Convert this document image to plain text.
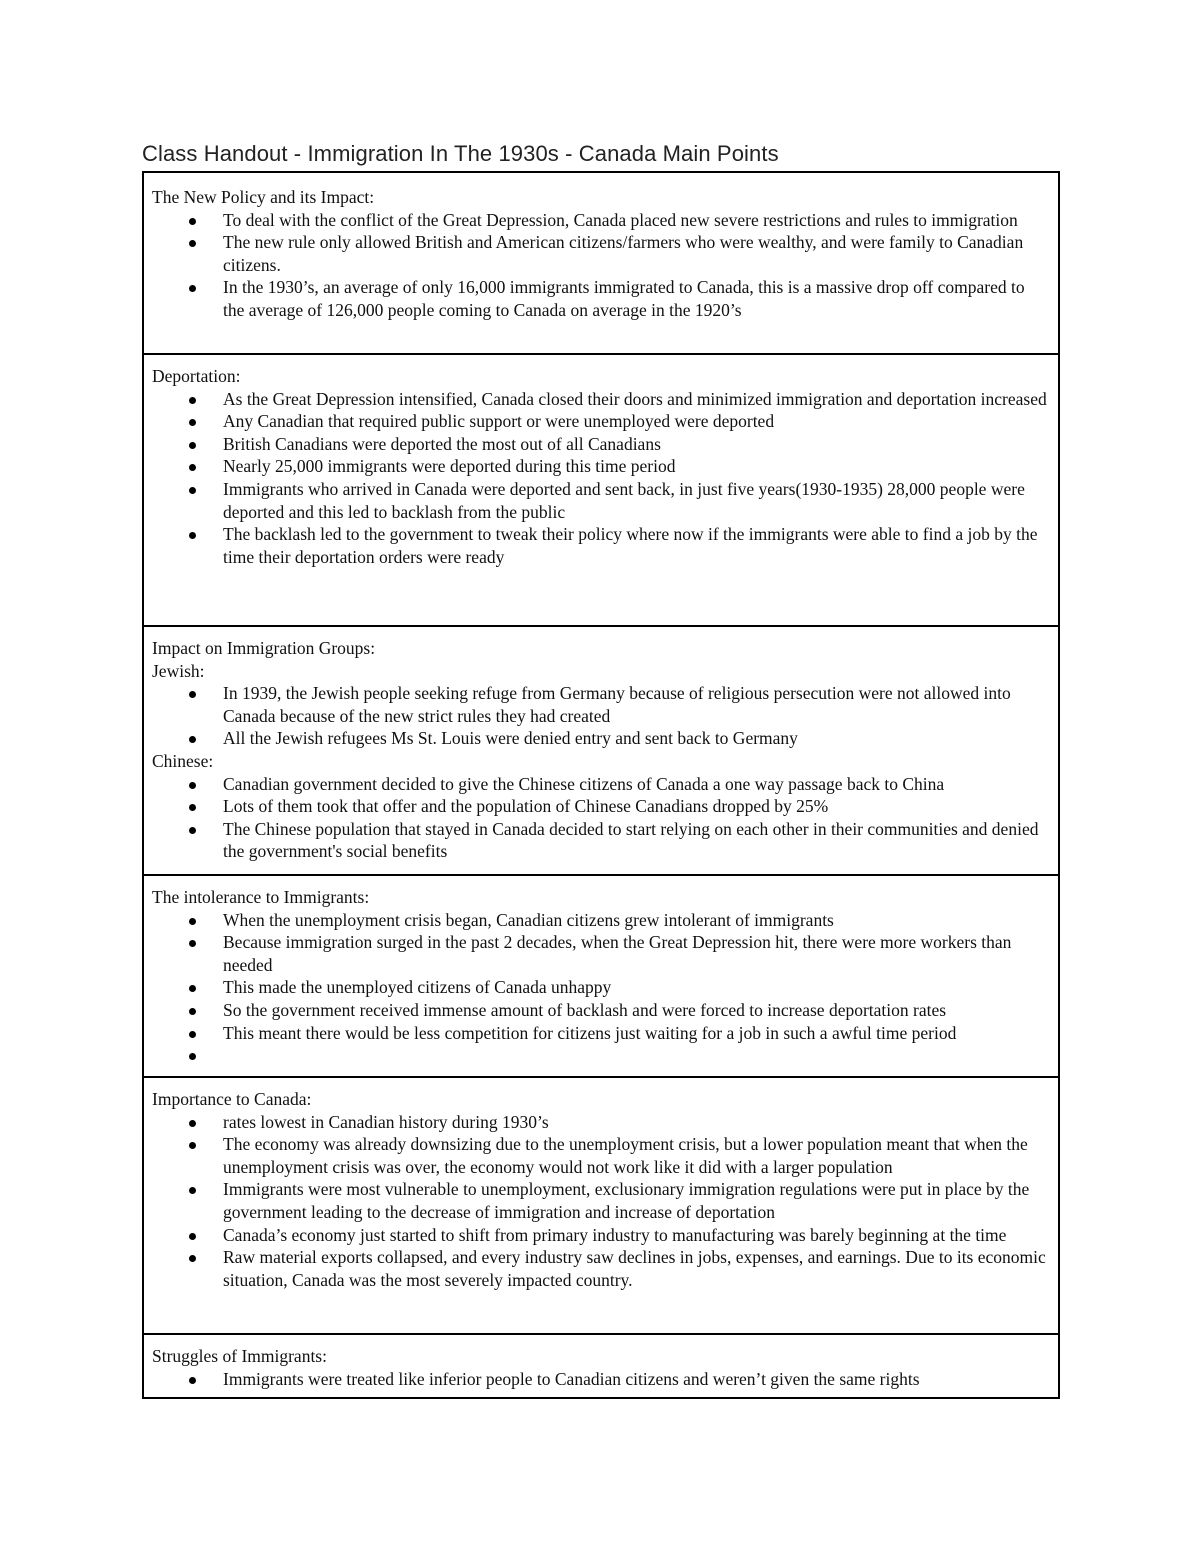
Class Handout - Immigration In The 1930s - Canada Main Points

The New Policy and its Impact:

To deal with the conflict of the Great Depression, Canada placed new severe restrictions and rules to immigration
The new rule only allowed British and American citizens/farmers who were wealthy, and were family to Canadian citizens.
In the 1930’s, an average of only 16,000 immigrants immigrated to Canada, this is a massive drop off compared to the average of 126,000 people coming to Canada on average in the 1920’s

Deportation:

As the Great Depression intensified, Canada closed their doors and minimized immigration and deportation increased
Any Canadian that required public support or were unemployed were deported
British Canadians were deported the most out of all Canadians
Nearly 25,000 immigrants were deported during this time period
Immigrants who arrived in Canada were deported and sent back, in just five years(1930-1935) 28,000 people were deported and this led to backlash from the public
The backlash led to the government to tweak their policy where now if the immigrants were able to find a job by the time their deportation orders were ready

Impact on Immigration Groups:

Jewish:

In 1939, the Jewish people seeking refuge from Germany because of religious persecution were not allowed into Canada because of the new strict rules they had created
All the Jewish refugees Ms St. Louis were denied entry and sent back to Germany

Chinese:

Canadian government decided to give the Chinese citizens of Canada a one way passage back to China
Lots of them took that offer and the population of Chinese Canadians dropped by 25%
The Chinese population that stayed in Canada decided to start relying on each other in their communities and denied the government's social benefits

The intolerance to Immigrants:

When the unemployment crisis began, Canadian citizens grew intolerant of immigrants
Because immigration surged in the past 2 decades, when the Great Depression hit, there were more workers than needed
This made the unemployed citizens of Canada unhappy
So the government received immense amount of backlash and were forced to increase deportation rates
This meant there would be less competition for citizens just waiting for a job in such a awful time period

Importance to Canada:

rates lowest in Canadian history during 1930’s
The economy was already downsizing due to the unemployment crisis, but a lower population meant that when the unemployment crisis was over, the economy would not work like it did with a larger population
Immigrants were most vulnerable to unemployment, exclusionary immigration regulations were put in place by the government leading to the decrease of immigration and increase of deportation
Canada’s economy just started to shift from primary industry to manufacturing was barely beginning at the time
Raw material exports collapsed, and every industry saw declines in jobs, expenses, and earnings. Due to its economic situation, Canada was the most severely impacted country.

Struggles of Immigrants:

Immigrants were treated like inferior people to Canadian citizens and weren’t given the same rights
